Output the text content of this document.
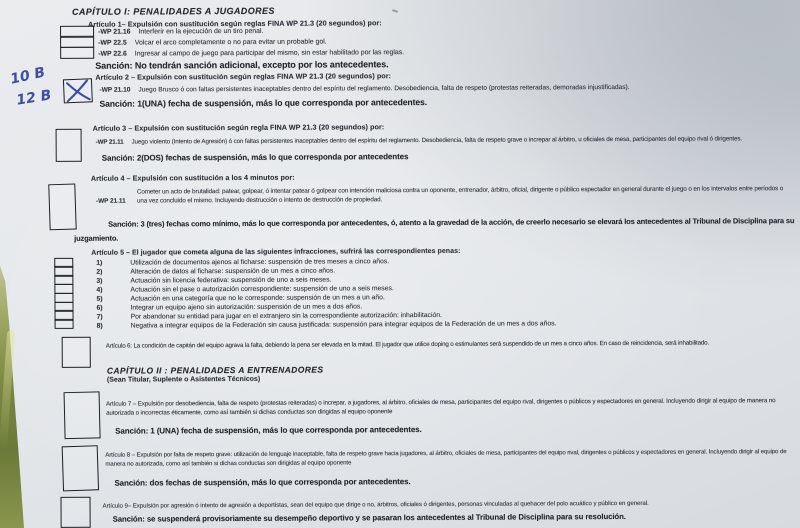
CAPÍTULO I: PENALIDADES A JUGADORES
Artículo 1– Expulsión con sustitución según reglas FINA WP 21.3 (20 segundos) por:
-WP 21.16 Interferir en la ejecución de un tiro penal.
-WP 22.5 Volcar el arco completamente o no para evitar un probable gol.
-WP 22.6 Ingresar al campo de juego para participar del mismo, sin estar habilitado por las reglas.
Sanción: No tendrán sanción adicional, excepto por los antecedentes.
10 B
12 B
Artículo 2 – Expulsión con sustitución según reglas FINA WP 21.3 (20 segundos) por:
-WP 21.10 Juego Brusco ó con faltas persistentes inaceptables dentro del espíritu del reglamento. Desobediencia, falta de respeto (protestas reiteradas, demoradas injustificadas).
Sanción: 1(UNA) fecha de suspensión, más lo que corresponda por antecedentes.
Artículo 3 – Expulsión con sustitución según regla FINA WP 21.3 (20 segundos) por:
-WP 21.11 Juego violento (Intento de Agresión) ó con faltas persistentes inaceptables dentro del espíritu del reglamento. Desobediencia, falta de respeto grave o increpar al árbitro, u oficiales de mesa, participantes del equipo rival ó dirigentes.
Sanción: 2(DOS) fechas de suspensión, más lo que corresponda por antecedentes
Artículo 4 – Expulsión con sustitución a los 4 minutos por:
-WP 21.11
Cometer un acto de brutalidad: patear, golpear, ó intentar patear ó golpear con intención maliciosa contra un oponente, entrenador, árbitro, oficial, dirigente o público espectador en general durante el juego o en los intervalos entre períodos o una vez concluido el mismo. Incluyendo destrucción o intento de destrucción de propiedad.
Sanción: 3 (tres) fechas como mínimo, más lo que corresponda por antecedentes, ó, atento a la gravedad de la acción, de creerlo necesario se elevará los antecedentes al Tribunal de Disciplina para su juzgamiento.
Artículo 5 – El jugador que cometa alguna de las siguientes infracciones, sufrirá las correspondientes penas:
1)	Utilización de documentos ajenos al ficharse: suspensión de tres meses a cinco años.
2)	Alteración de datos al ficharse: suspensión de un mes a cinco años.
3)	Actuación sin licencia federativa: suspensión de uno a seis meses.
4)	Actuación sin el pase o autorización correspondiente: suspensión de uno a seis meses.
5)	Actuación en una categoría que no le corresponde: suspensión de un mes a un año.
6)	Integrar un equipo ajeno sin autorización: suspensión de un mes a dos años.
7)	Por abandonar su entidad para jugar en el extranjero sin la correspondiente autorización: inhabilitación.
8)	Negativa a integrar equipos de la Federación sin causa justificada: suspensión para integrar equipos de la Federación de un mes a dos años.
Artículo 6: La condición de capitán del equipo agrava la falta, debiendo la pena ser elevada en la mitad. El jugador que utilice doping o estimulantes será suspendido de un mes a cinco años. En caso de reincidencia, será inhabilitado.
CAPÍTULO II : PENALIDADES A ENTRENADORES
(Sean Titular, Suplente o Asistentes Técnicos)
Artículo 7 – Expulsión por desobediencia, falta de respeto (protestas reiteradas) o increpar, a jugadores, al árbitro, oficiales de mesa, participantes del equipo rival, dirigentes o públicos y espectadores en general. Incluyendo dirigir al equipo de manera no autorizada o incorrectas éticamente, como así también si dichas conductas son dirigidas al equipo oponente
Sanción: 1 (UNA) fecha de suspensión, más lo que corresponda por antecedentes.
Artículo 8 – Expulsión por falta de respeto grave: utilización de lenguaje inaceptable, falta de respeto grave hacia jugadores, al árbitro, oficiales de mesa, participantes del equipo rival, dirigentes o públicos y espectadores en general. Incluyendo dirigir al equipo de manera no autorizada, como así también si dichas conductas son dirigidas al equipo oponente
Sanción: dos fechas de suspensión, más lo que corresponda por antecedentes.
Artículo 9– Expulsión por agresión ó intento de agresión a deportistas, sean del equipo que dirige o no, árbitros, oficiales ó dirigentes, personas vinculadas al quehacer del polo acuático y público en general.
Sanción: se suspenderá provisoriamente su desempeño deportivo y se pasaran los antecedentes al Tribunal de Disciplina para su resolución.
